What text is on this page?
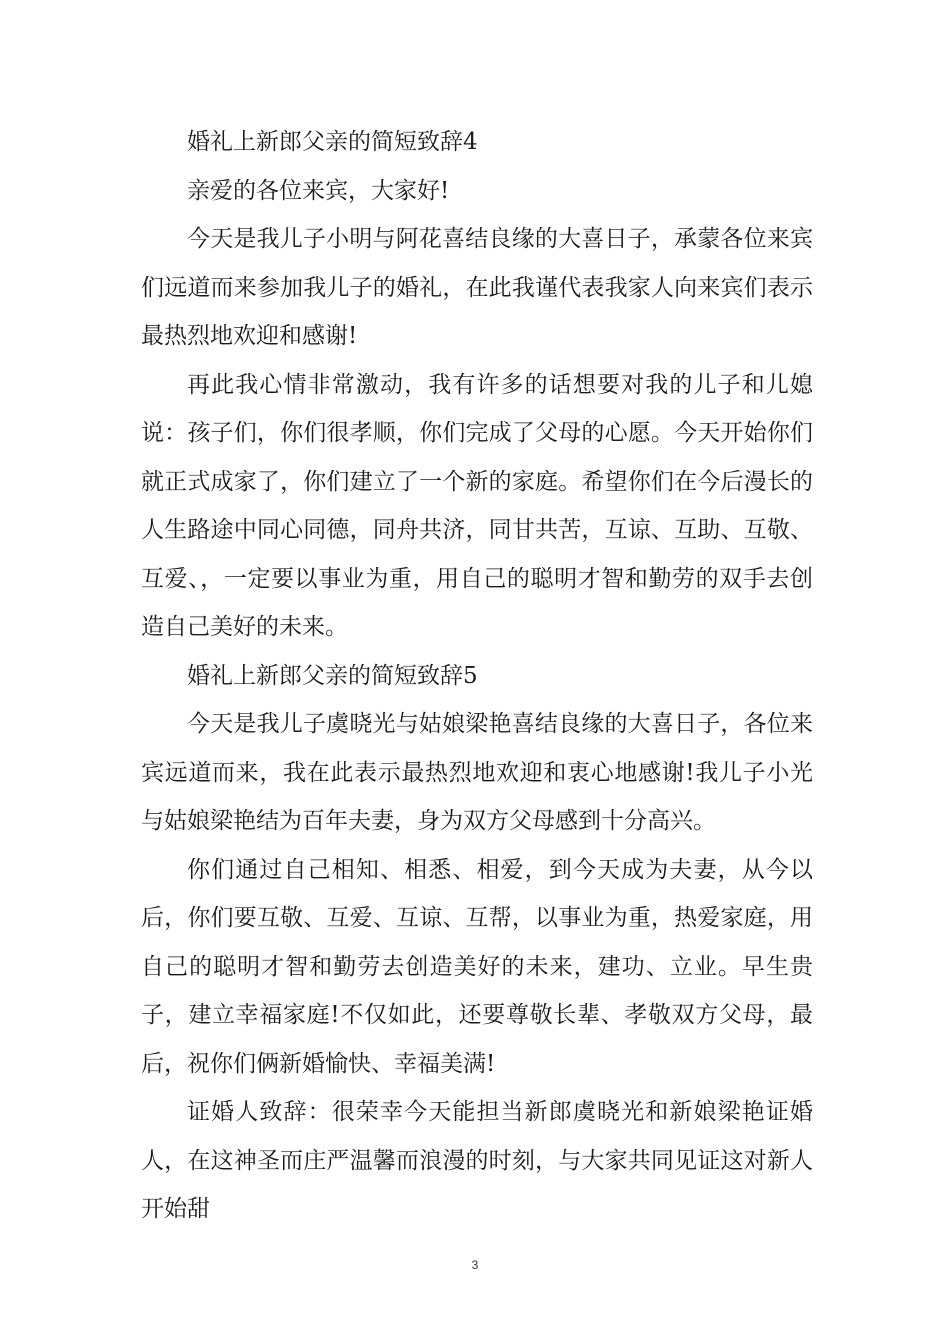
婚礼上新郎父亲的简短致辞4

亲爱的各位来宾，大家好!

今天是我儿子小明与阿花喜结良缘的大喜日子，承蒙各位来宾们远道而来参加我儿子的婚礼，在此我谨代表我家人向来宾们表示最热烈地欢迎和感谢!

再此我心情非常激动，我有许多的话想要对我的儿子和儿媳说：孩子们，你们很孝顺，你们完成了父母的心愿。今天开始你们就正式成家了，你们建立了一个新的家庭。希望你们在今后漫长的人生路途中同心同德，同舟共济，同甘共苦，互谅、互助、互敬、互爱、，一定要以事业为重，用自己的聪明才智和勤劳的双手去创造自己美好的未来。

婚礼上新郎父亲的简短致辞5

今天是我儿子虞晓光与姑娘梁艳喜结良缘的大喜日子，各位来宾远道而来，我在此表示最热烈地欢迎和衷心地感谢!我儿子小光与姑娘梁艳结为百年夫妻，身为双方父母感到十分高兴。

你们通过自己相知、相悉、相爱，到今天成为夫妻，从今以后，你们要互敬、互爱、互谅、互帮，以事业为重，热爱家庭，用自己的聪明才智和勤劳去创造美好的未来，建功、立业。早生贵子，建立幸福家庭!不仅如此，还要尊敬长辈、孝敬双方父母，最后，祝你们俩新婚愉快、幸福美满!

证婚人致辞：很荣幸今天能担当新郎虞晓光和新娘梁艳证婚人，在这神圣而庄严温馨而浪漫的时刻，与大家共同见证这对新人开始甜

3
